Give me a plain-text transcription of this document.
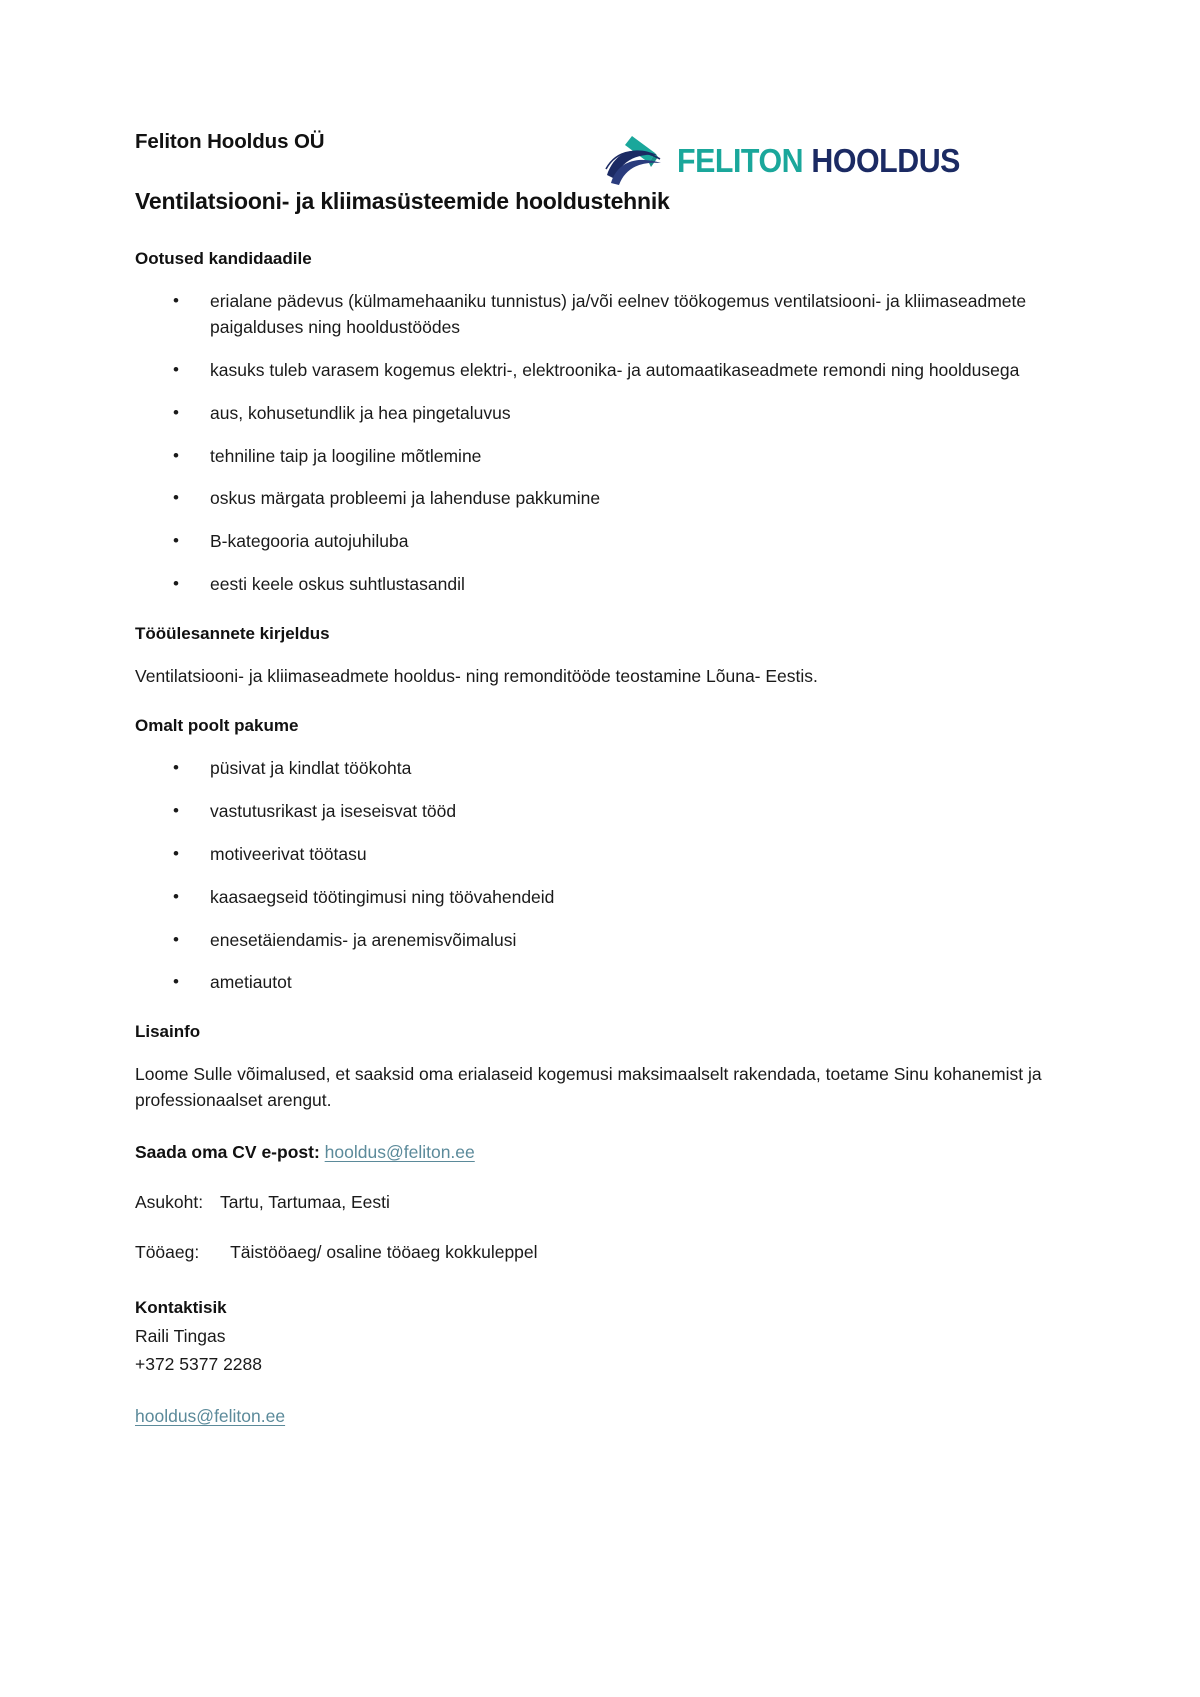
FELITON HOOLDUS
Feliton Hooldus OÜ
Ventilatsiooni- ja kliimasüsteemide hooldustehnik
Ootused kandidaadile
• erialane pädevus (külmamehaaniku tunnistus) ja/või eelnev töökogemus ventilatsiooni- ja kliimaseadmete paigalduses ning hooldustöödes
• kasuks tuleb varasem kogemus elektri-, elektroonika- ja automaatikaseadmete remondi ning hooldusega
• aus, kohusetundlik ja hea pingetaluvus
• tehniline taip ja loogiline mõtlemine
• oskus märgata probleemi ja lahenduse pakkumine
• B-kategooria autojuhiluba
• eesti keele oskus suhtlustasandil
Tööülesannete kirjeldus

Ventilatsiooni- ja kliimaseadmete hooldus- ning remonditööde teostamine Lõuna- Eestis.

Omalt poolt pakume
• püsivat ja kindlat töökohta
• vastutusrikast ja iseseisvat tööd
• motiveerivat töötasu
• kaasaegseid töötingimusi ning töövahendeid
• enesetäiendamis- ja arenemisvõimalusi
• ametiautot
Lisainfo

Loome Sulle võimalused, et saaksid oma erialaseid kogemusi maksimaalselt rakendada, toetame Sinu kohanemist ja professionaalset arengut.

Saada oma CV e-post: hooldus@feliton.ee

Asukoht: Tartu, Tartumaa, Eesti

Tööaeg: Täistööaeg/ osaline tööaeg kokkuleppel

Kontaktisik
Raili Tingas
+372 5377 2288
hooldus@feliton.ee
